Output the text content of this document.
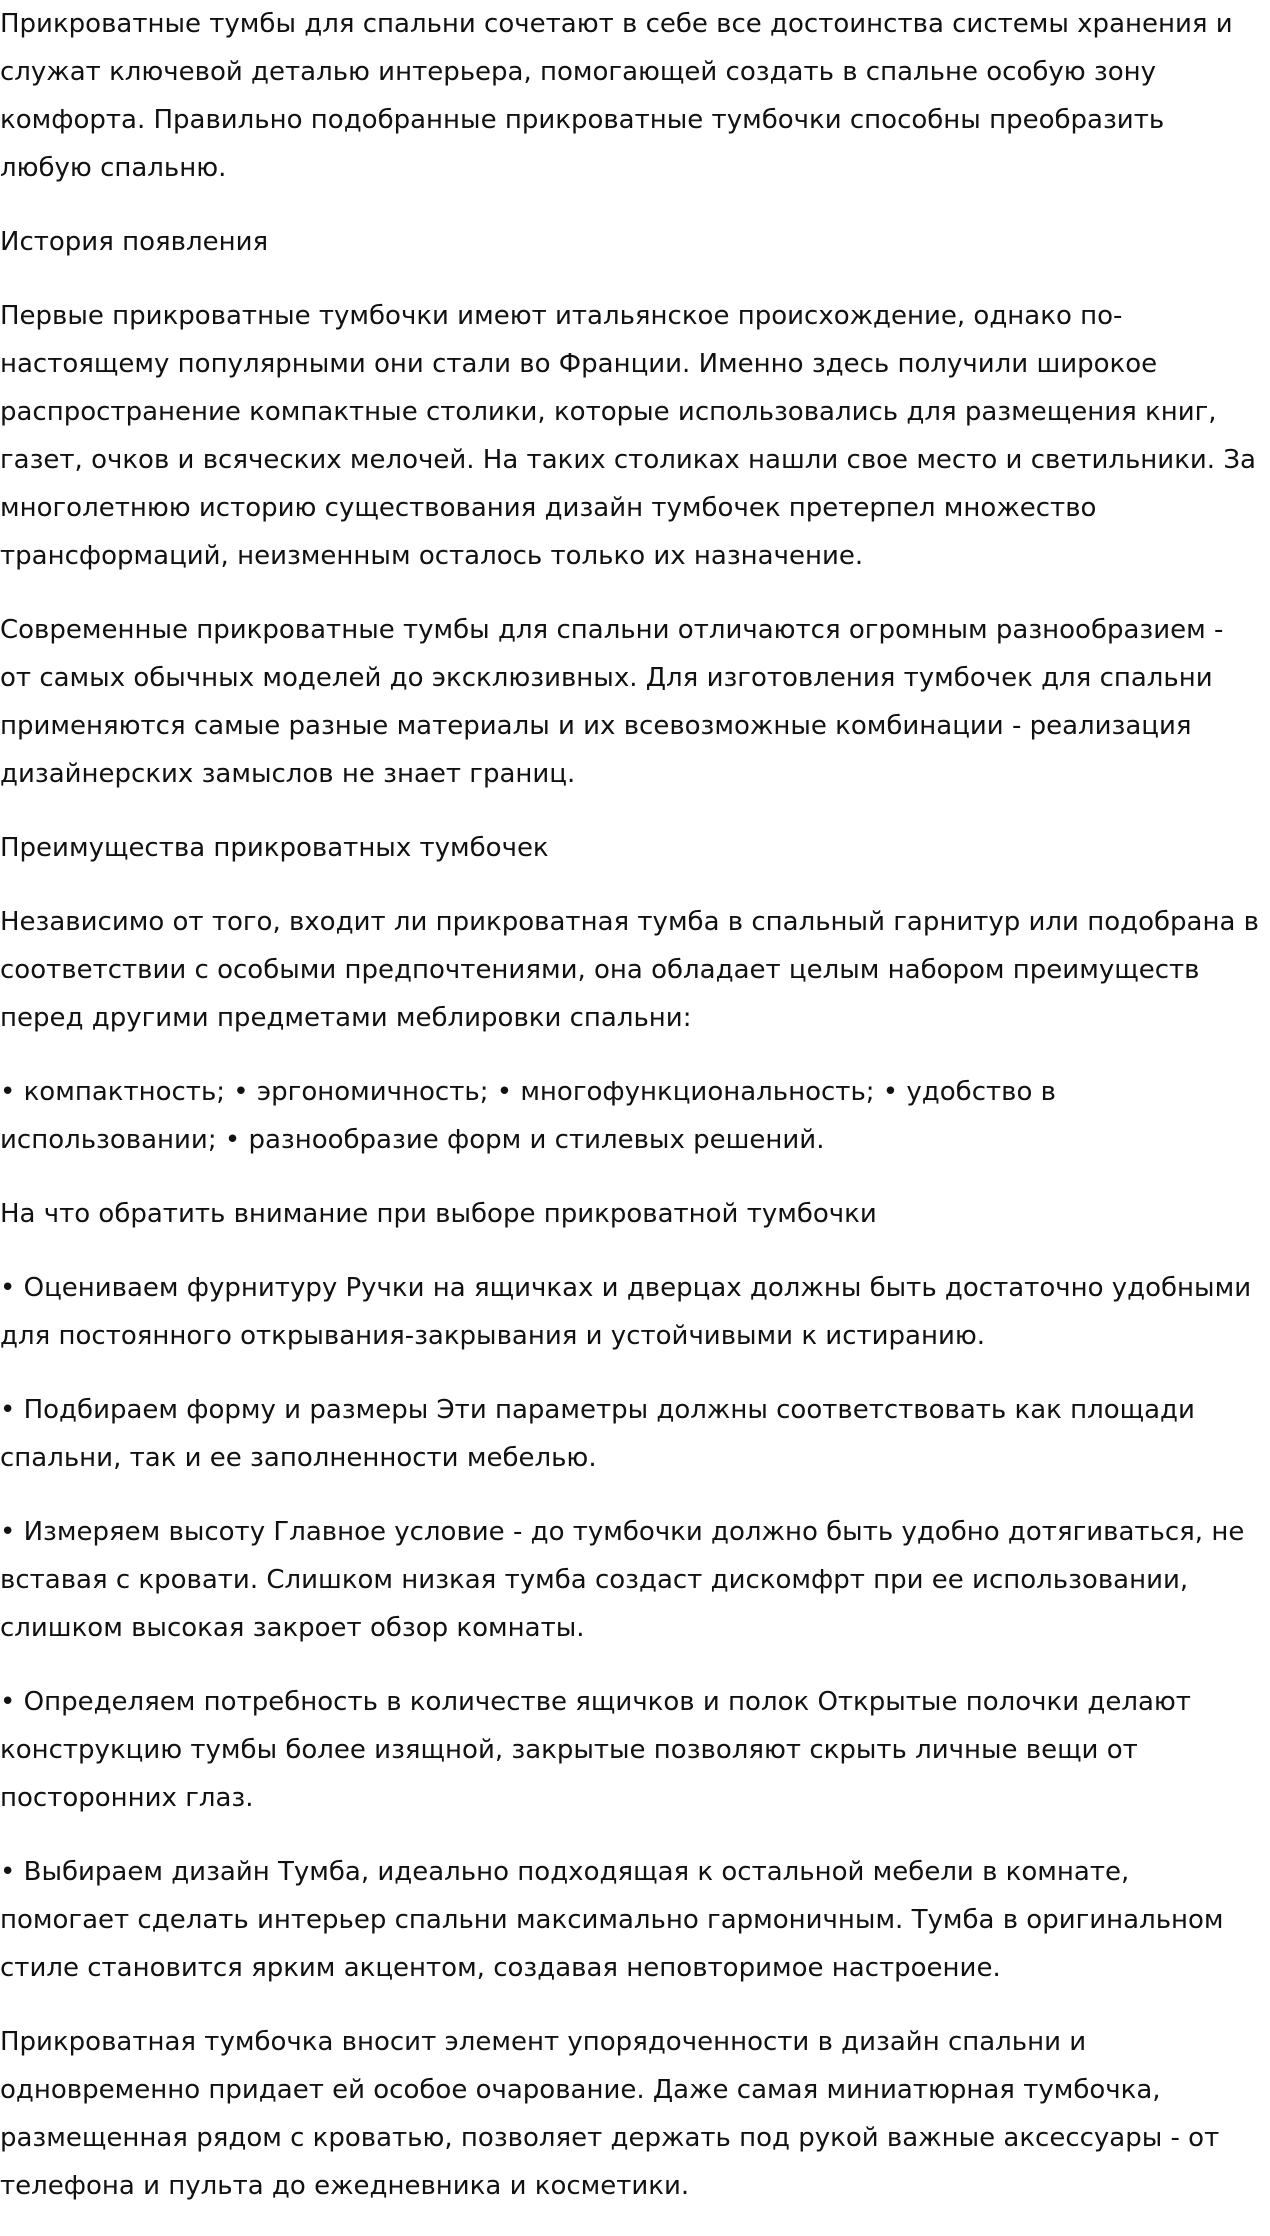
Прикроватные тумбы для спальни сочетают в себе все достоинства системы хранения и служат ключевой деталью интерьера, помогающей создать в спальне особую зону комфорта. Правильно подобранные прикроватные тумбочки способны преобразить любую спальню.

История появления

Первые прикроватные тумбочки имеют итальянское происхождение, однако по-настоящему популярными они стали во Франции. Именно здесь получили широкое распространение компактные столики, которые использовались для размещения книг, газет, очков и всяческих мелочей. На таких столиках нашли свое место и светильники. За многолетнюю историю существования дизайн тумбочек претерпел множество трансформаций, неизменным осталось только их назначение.

Современные прикроватные тумбы для спальни отличаются огромным разнообразием - от самых обычных моделей до эксклюзивных. Для изготовления тумбочек для спальни применяются самые разные материалы и их всевозможные комбинации - реализация дизайнерских замыслов не знает границ.

Преимущества прикроватных тумбочек

Независимо от того, входит ли прикроватная тумба в спальный гарнитур или подобрана в соответствии с особыми предпочтениями, она обладает целым набором преимуществ перед другими предметами меблировки спальни:

• компактность; • эргономичность; • многофункциональность; • удобство в использовании; • разнообразие форм и стилевых решений.

На что обратить внимание при выборе прикроватной тумбочки

• Оцениваем фурнитуру Ручки на ящичках и дверцах должны быть достаточно удобными для постоянного открывания-закрывания и устойчивыми к истиранию.

• Подбираем форму и размеры Эти параметры должны соответствовать как площади спальни, так и ее заполненности мебелью.

• Измеряем высоту Главное условие - до тумбочки должно быть удобно дотягиваться, не вставая с кровати. Слишком низкая тумба создаст дискомфрт при ее использовании, слишком высокая закроет обзор комнаты.

• Определяем потребность в количестве ящичков и полок Открытые полочки делают конструкцию тумбы более изящной, закрытые позволяют скрыть личные вещи от посторонних глаз.

• Выбираем дизайн Тумба, идеально подходящая к остальной мебели в комнате, помогает сделать интерьер спальни максимально гармоничным. Тумба в оригинальном стиле становится ярким акцентом, создавая неповторимое настроение.

Прикроватная тумбочка вносит элемент упорядоченности в дизайн спальни и одновременно придает ей особое очарование. Даже самая миниатюрная тумбочка, размещенная рядом с кроватью, позволяет держать под рукой важные аксессуары - от телефона и пульта до ежедневника и косметики.
